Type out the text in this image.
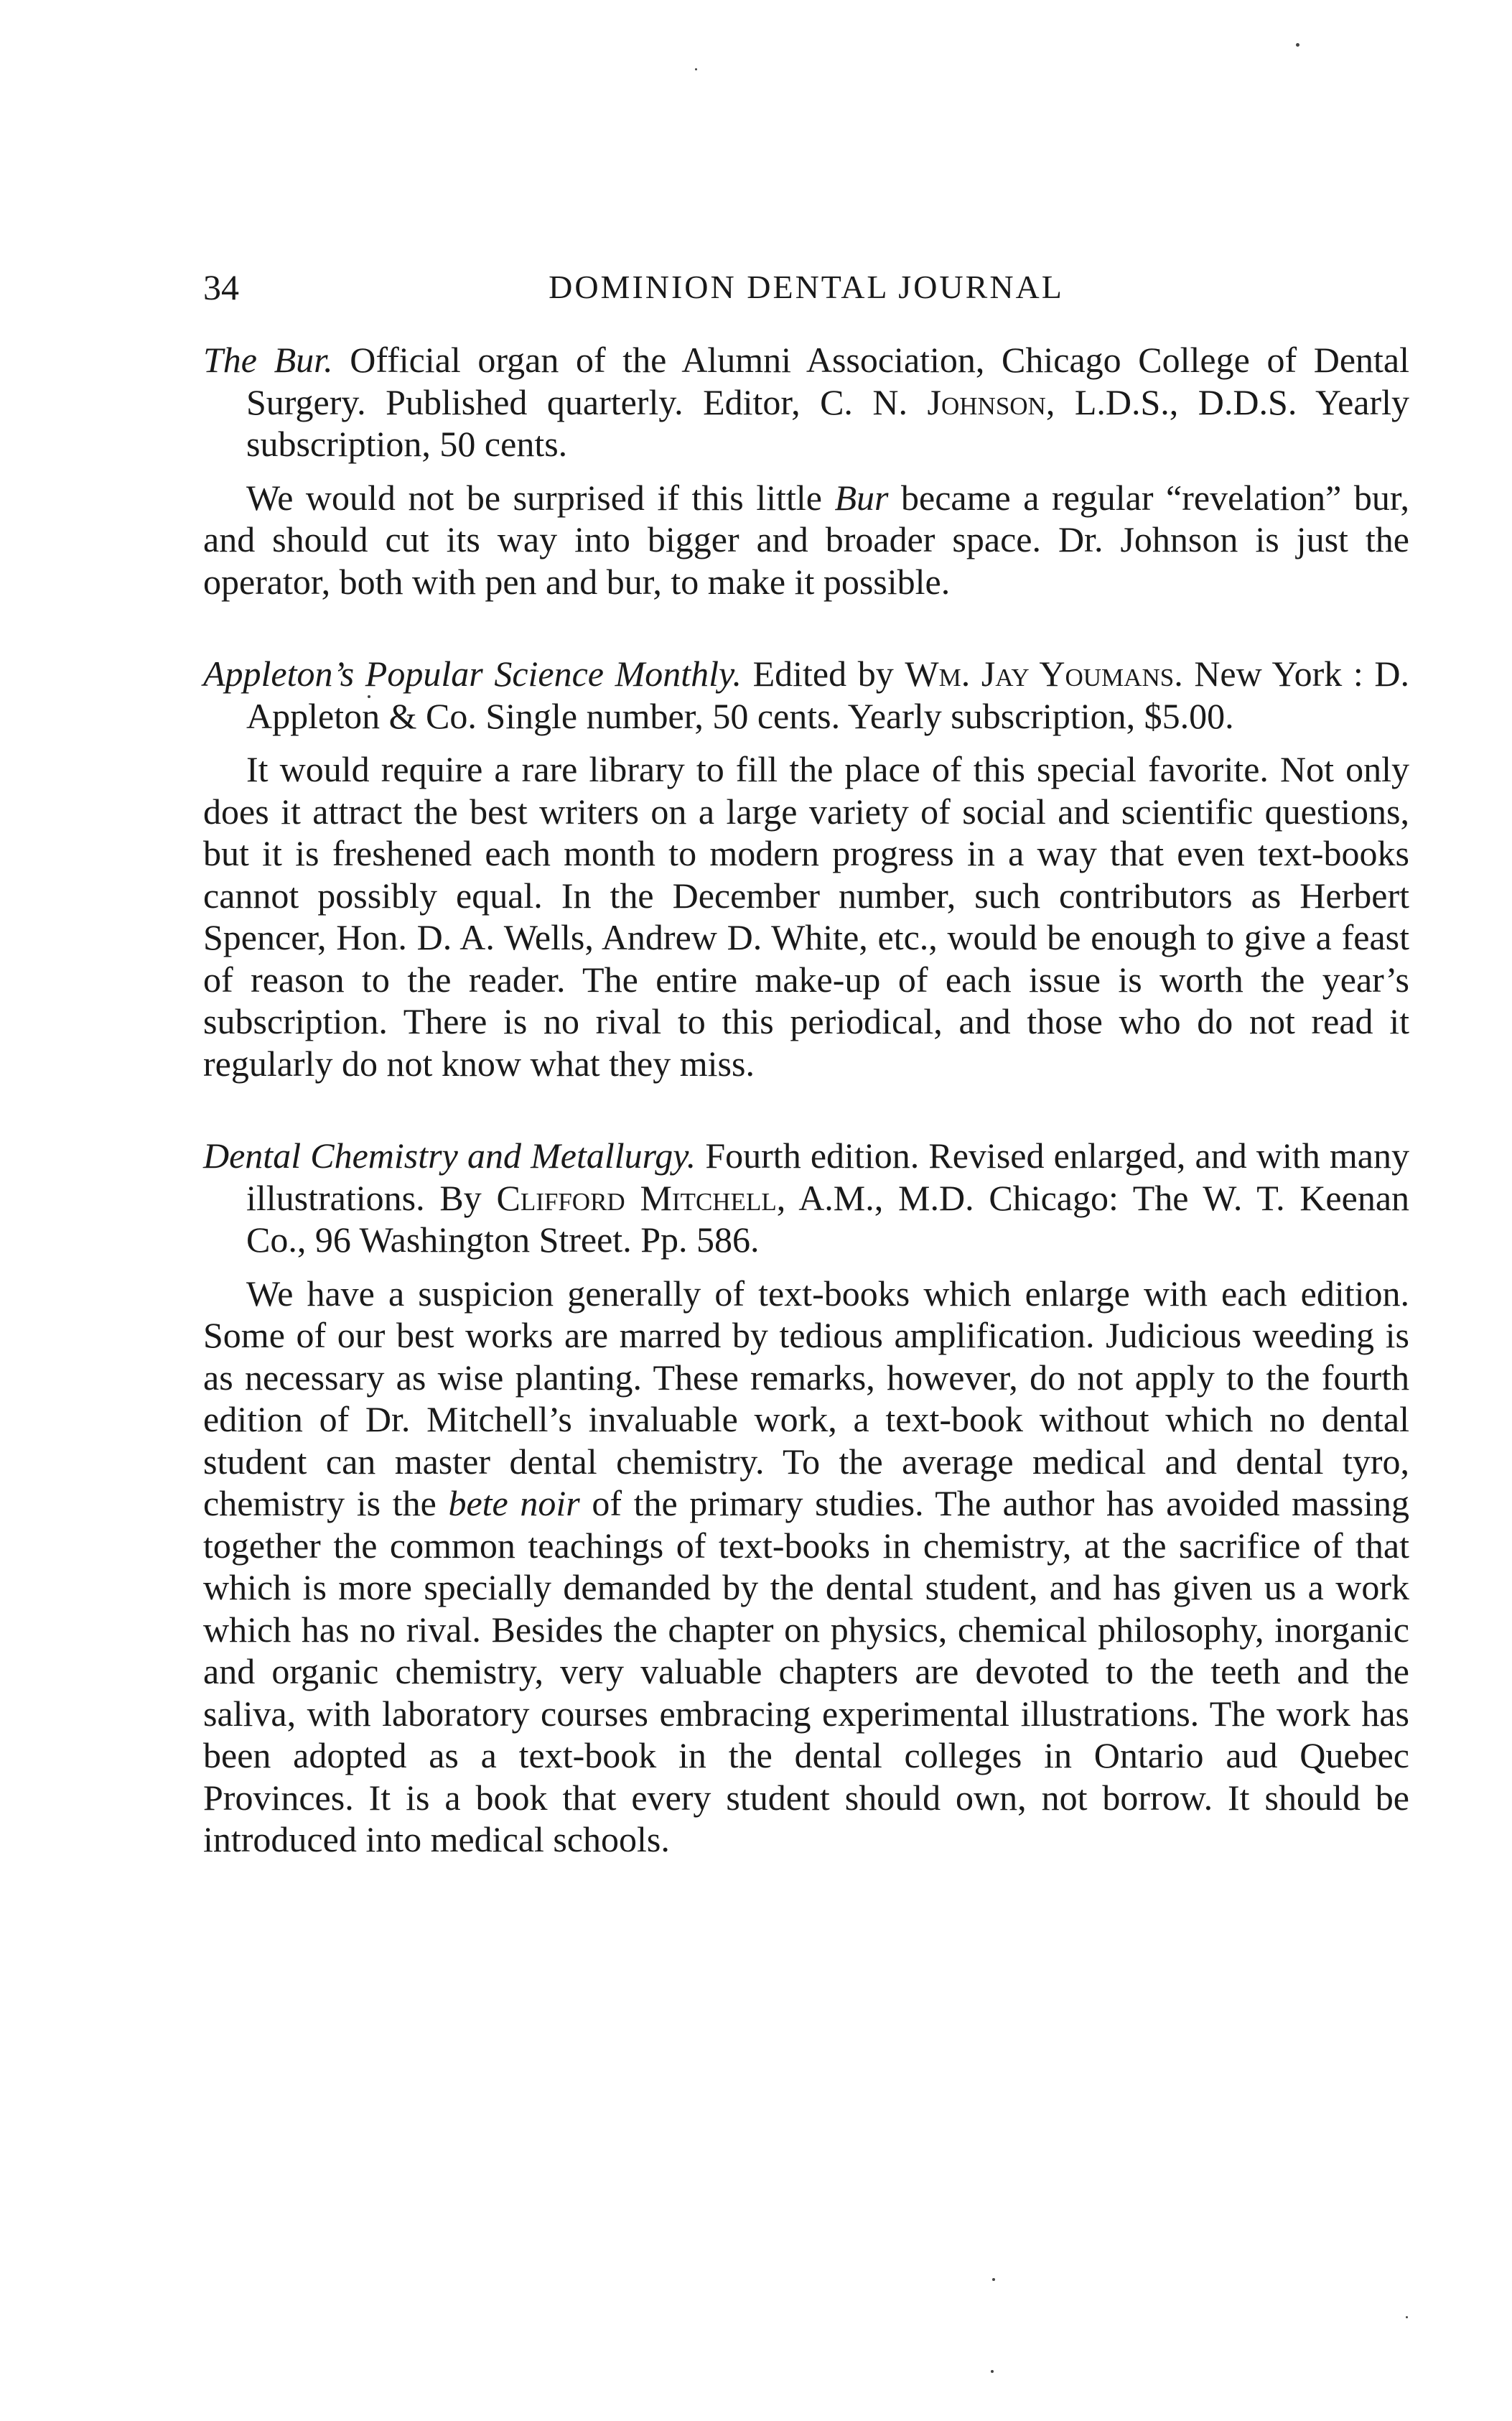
34	DOMINION DENTAL JOURNAL

The Bur. Official organ of the Alumni Association, Chicago College of Dental Surgery. Published quarterly. Editor, C. N. Johnson, L.D.S., D.D.S. Yearly subscription, 50 cents.

We would not be surprised if this little Bur became a regular “revelation” bur, and should cut its way into bigger and broader space. Dr. Johnson is just the operator, both with pen and bur, to make it possible.

Appleton’s Popular Science Monthly. Edited by Wm. Jay Youmans. New York : D. Appleton & Co. Single number, 50 cents. Yearly subscription, $5.00.

It would require a rare library to fill the place of this special favorite. Not only does it attract the best writers on a large variety of social and scientific questions, but it is freshened each month to modern progress in a way that even text-books cannot possibly equal. In the December number, such contributors as Herbert Spencer, Hon. D. A. Wells, Andrew D. White, etc., would be enough to give a feast of reason to the reader. The entire make-up of each issue is worth the year’s subscription. There is no rival to this periodical, and those who do not read it regularly do not know what they miss.

Dental Chemistry and Metallurgy. Fourth edition. Revised enlarged, and with many illustrations. By Clifford Mitchell, A.M., M.D. Chicago: The W. T. Keenan Co., 96 Washington Street. Pp. 586.

We have a suspicion generally of text-books which enlarge with each edition. Some of our best works are marred by tedious amplification. Judicious weeding is as necessary as wise planting. These remarks, however, do not apply to the fourth edition of Dr. Mitchell’s invaluable work, a text-book without which no dental student can master dental chemistry. To the average medical and dental tyro, chemistry is the bete noir of the primary studies. The author has avoided massing together the common teachings of text-books in chemistry, at the sacrifice of that which is more specially demanded by the dental student, and has given us a work which has no rival. Besides the chapter on physics, chemical philosophy, inorganic and organic chemistry, very valuable chapters are devoted to the teeth and the saliva, with laboratory courses embracing experimental illustrations. The work has been adopted as a text-book in the dental colleges in Ontario aud Quebec Provinces. It is a book that every student should own, not borrow. It should be introduced into medical schools.
